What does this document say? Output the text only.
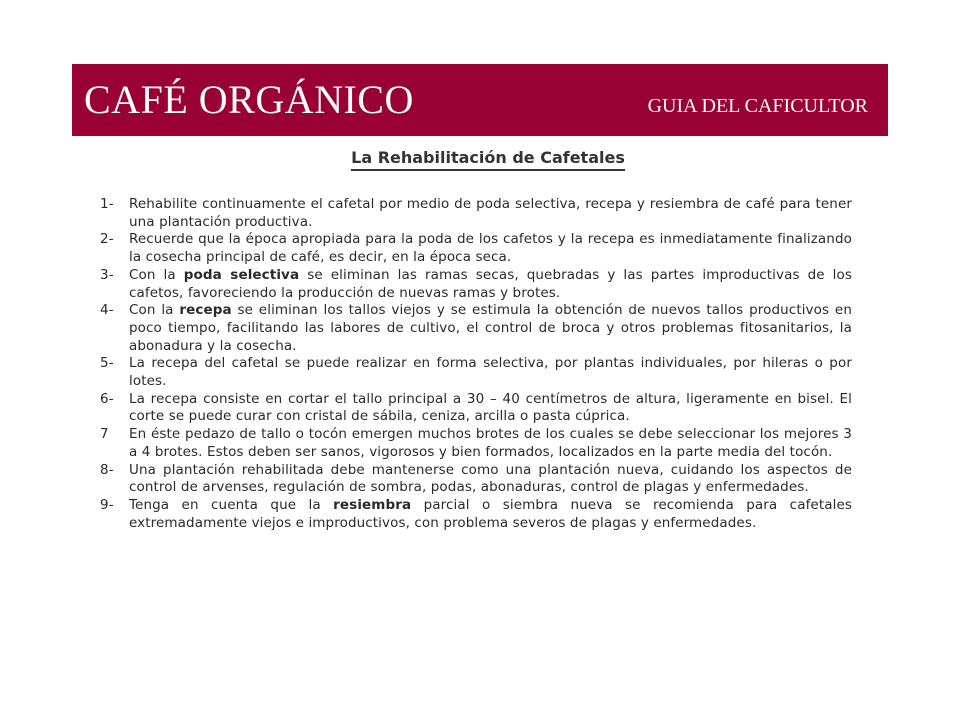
CAFÉ ORGÁNICO	GUIA DEL CAFICULTOR
La Rehabilitación de Cafetales
1- Rehabilite continuamente el cafetal por medio de poda selectiva, recepa y resiembra de café para tener una plantación productiva.
2- Recuerde que la época apropiada para la poda de los cafetos y la recepa es inmediatamente finalizando la cosecha principal de café, es decir, en la época seca.
3- Con la poda selectiva se eliminan las ramas secas, quebradas y las partes improductivas de los cafetos, favoreciendo la producción de nuevas ramas y brotes.
4- Con la recepa se eliminan los tallos viejos y se estimula la obtención de nuevos tallos productivos en poco tiempo, facilitando las labores de cultivo, el control de broca y otros problemas fitosanitarios, la abonadura y la cosecha.
5- La recepa del cafetal se puede realizar en forma selectiva, por plantas individuales, por hileras o por lotes.
6- La recepa consiste en cortar el tallo principal a 30 – 40 centímetros de altura, ligeramente en bisel. El corte se puede curar con cristal de sábila, ceniza, arcilla o pasta cúprica.
7 En éste pedazo de tallo o tocón emergen muchos brotes de los cuales se debe seleccionar los mejores 3 a 4 brotes. Estos deben ser sanos, vigorosos y bien formados, localizados en la parte media del tocón.
8- Una plantación rehabilitada debe mantenerse como una plantación nueva, cuidando los aspectos de control de arvenses, regulación de sombra, podas, abonaduras, control de plagas y enfermedades.
9- Tenga en cuenta que la resiembra parcial o siembra nueva se recomienda para cafetales extremadamente viejos e improductivos, con problema severos de plagas y enfermedades.
